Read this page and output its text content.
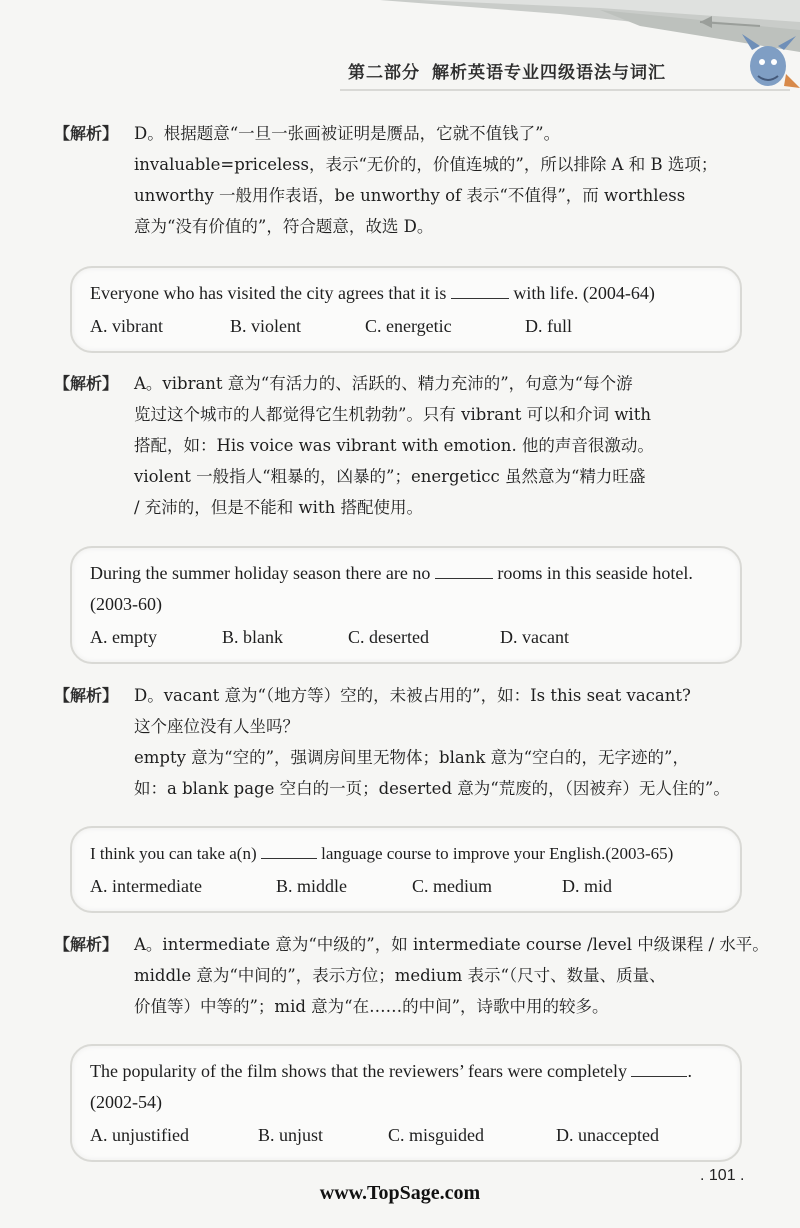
第二部分 解析英语专业四级语法与词汇
【解析】 D。根据题意“一旦一张画被证明是赝品，它就不值钱了”。
invaluable=priceless，表示“无价的，价值连城的”，所以排除 A 和 B 选项；
unworthy 一般用作表语，be unworthy of 表示“不值得”，而 worthless
意为“没有价值的”，符合题意，故选 D。
Everyone who has visited the city agrees that it is	with life. (2004-64)
A. vibrant	B. violent	C. energetic	D. full
【解析】 A。vibrant 意为“有活力的、活跃的、精力充沛的”，句意为“每个游
览过这个城市的人都觉得它生机勃勃”。只有 vibrant 可以和介词 with
搭配，如：His voice was vibrant with emotion. 他的声音很激动。
violent 一般指人“粗暴的，凶暴的”；energeticc 虽然意为“精力旺盛
/ 充沛的，但是不能和 with 搭配使用。
During the summer holiday season there are no	rooms in this seaside hotel. (2003-60)
A. empty	B. blank	C. deserted	D. vacant
【解析】 D。vacant 意为“（地方等）空的，未被占用的”，如：Is this seat vacant?
这个座位没有人坐吗？
empty 意为“空的”，强调房间里无物体；blank 意为“空白的，无字迹的”，
如：a blank page 空白的一页；deserted 意为“荒废的，（因被弃）无人住的”。
I think you can take a(n)	language course to improve your English.(2003-65)
A. intermediate	B. middle	C. medium	D. mid
【解析】 A。intermediate 意为“中级的”，如 intermediate course /level 中级课程 / 水平。
middle 意为“中间的”，表示方位；medium 表示“（尺寸、数量、质量、
价值等）中等的”；mid 意为“在……的中间”，诗歌中用的较多。
The popularity of the film shows that the reviewers’ fears were completely	. (2002-54)
A. unjustified	B. unjust	C. misguided	D. unaccepted
. 101 .
www.TopSage.com
